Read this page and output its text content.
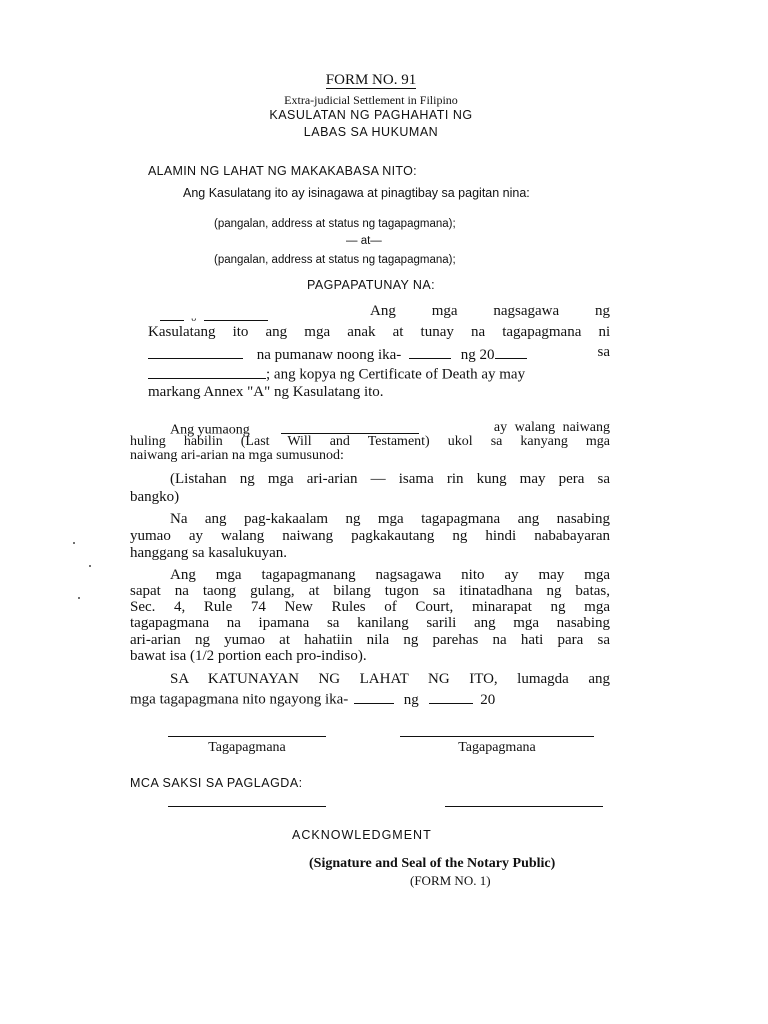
FORM NO. 91
Extra-judicial Settlement in Filipino
KASULATAN NG PAGHAHATI NG
LABAS SA HUKUMAN
ALAMIN NG LAHAT NG MAKAKABASA NITO:
Ang Kasulatang ito ay isinagawa at pinagtibay sa pagitan nina:
(pangalan, address at status ng tagapagmana);
— at—
(pangalan, address at status ng tagapagmana);
PAGPAPATUNAY NA:
ᴗ	Ang mga nagsagawa ng
Kasulatang ito ang mga anak at tunay na tagapagmana ni
na pumanaw noong ika-	ng 20	sa
; ang kopya ng Certificate of Death ay may
markang Annex "A" ng Kasulatang ito.
Ang yumaong	ay walang naiwang
huling habilin (Last Will and Testament) ukol sa kanyang mga
naiwang ari-arian na mga sumusunod:
(Listahan ng mga ari-arian — isama rin kung may pera sa
bangko)
Na ang pag-kakaalam ng mga tagapagmana ang nasabing
yumao ay walang naiwang pagkakautang ng hindi nababayaran
hanggang sa kasalukuyan.
Ang mga tagapagmanang nagsagawa nito ay may mga
sapat na taong gulang, at bilang tugon sa itinatadhana ng batas,
Sec. 4, Rule 74 New Rules of Court, minarapat ng mga
tagapagmana na ipamana sa kanilang sarili ang mga nasabing
ari-arian ng yumao at hahatiin nila ng parehas na hati para sa
bawat isa (1/2 portion each pro-indiso).
SA KATUNAYAN NG LAHAT NG ITO, lumagda ang
mga tagapagmana nito ngayong ika-	ng	20
Tagapagmana	Tagapagmana
MCA SAKSI SA PAGLAGDA:
ACKNOWLEDGMENT
(Signature and Seal of the Notary Public)
(FORM NO. 1)
